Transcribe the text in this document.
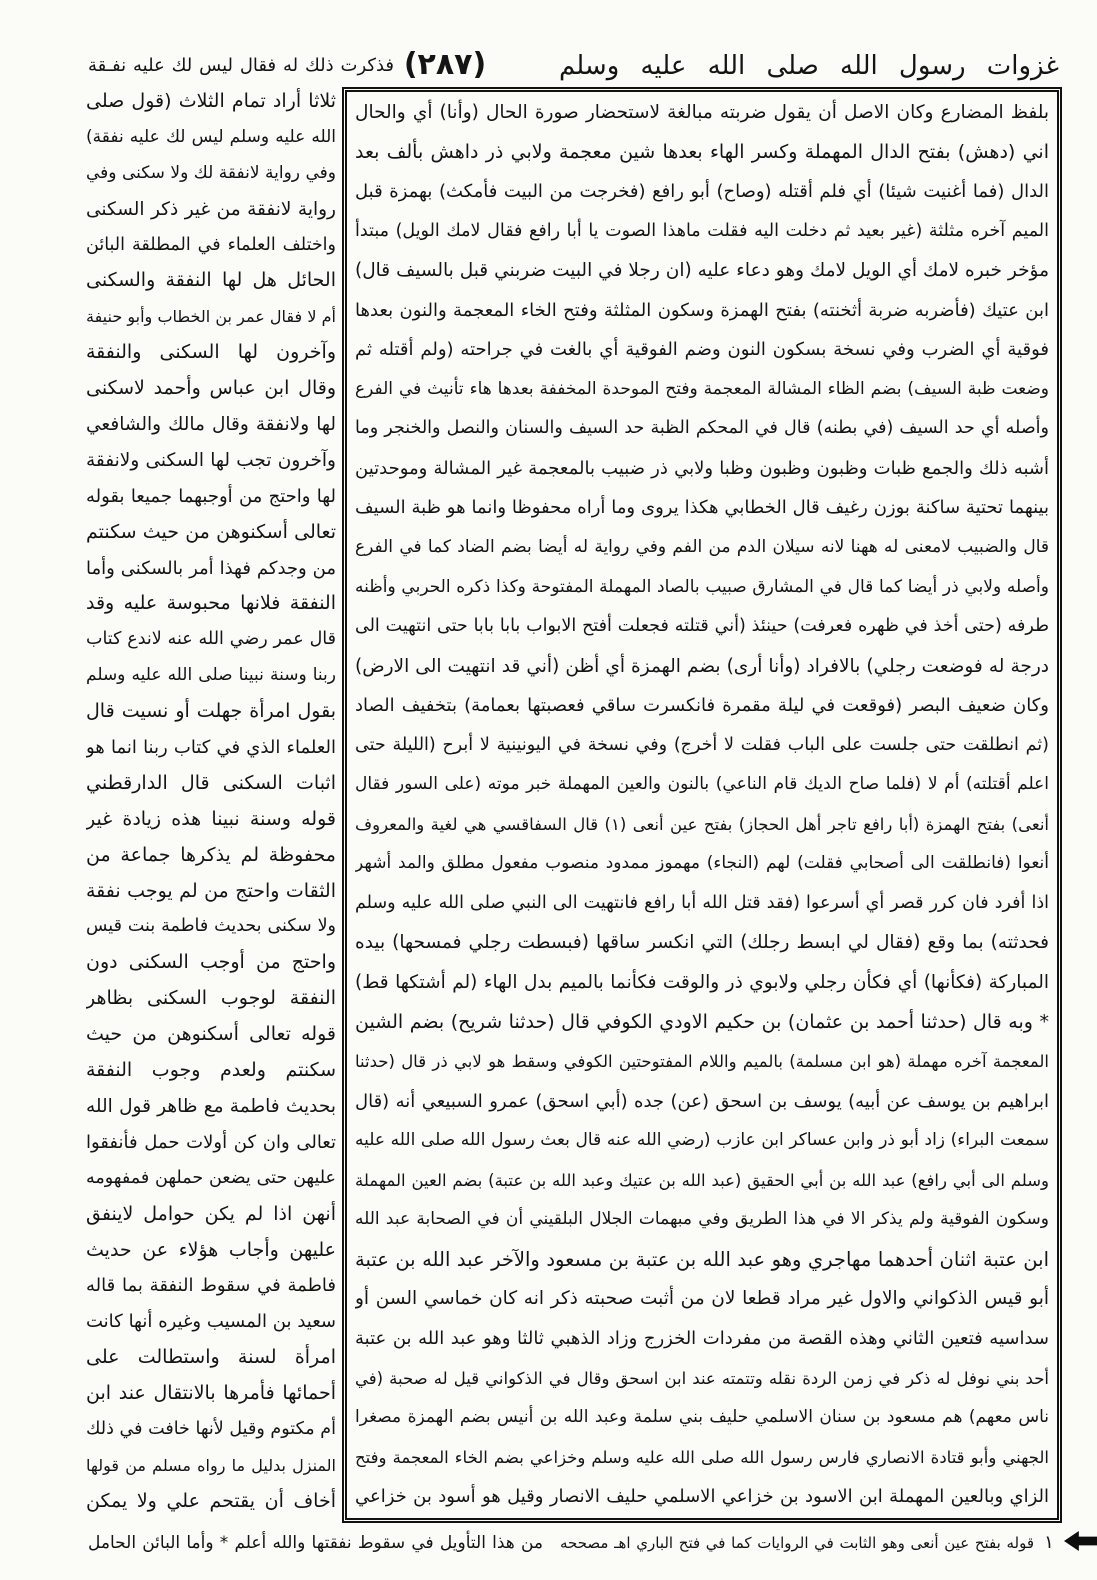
غزوات رسول الله صلى الله عليه وسلم
(٢٨٧)
فذكرت ذلك له فقال ليس لك عليه نفـقة
بلفظ المضارع وكان الاصل أن يقول ضربته مبالغة لاستحضار صورة الحال (وأنا) أي والحال
اني (دهش) بفتح الدال المهملة وكسر الهاء بعدها شين معجمة ولابي ذر داهش بألف بعد
الدال (فما أغنيت شيئا) أي فلم أقتله (وصاح) أبو رافع (فخرجت من البيت فأمكث) بهمزة قبل
الميم آخره مثلثة (غير بعيد ثم دخلت اليه فقلت ماهذا الصوت يا أبا رافع فقال لامك الويل) مبتدأ
مؤخر خبره لامك أي الويل لامك وهو دعاء عليه (ان رجلا في البيت ضربني قبل بالسيف قال)
ابن عتيك (فأضربه ضربة أثخنته) بفتح الهمزة وسكون المثلثة وفتح الخاء المعجمة والنون بعدها
فوقية أي الضرب وفي نسخة بسكون النون وضم الفوقية أي بالغت في جراحته (ولم أقتله ثم
وضعت ظبة السيف) بضم الظاء المشالة المعجمة وفتح الموحدة المخففة بعدها هاء تأنيث في الفرع
وأصله أي حد السيف (في بطنه) قال في المحكم الظبة حد السيف والسنان والنصل والخنجر وما
أشبه ذلك والجمع ظبات وظبون وظبون وظبا ولابي ذر ضبيب بالمعجمة غير المشالة وموحدتين
بينهما تحتية ساكنة بوزن رغيف قال الخطابي هكذا يروى وما أراه محفوظا وانما هو ظبة السيف
قال والضبيب لامعنى له ههنا لانه سيلان الدم من الفم وفي رواية له أيضا بضم الضاد كما في الفرع
وأصله ولابي ذر أيضا كما قال في المشارق صبيب بالصاد المهملة المفتوحة وكذا ذكره الحربي وأظنه
طرفه (حتى أخذ في ظهره فعرفت) حينئذ (أني قتلته فجعلت أفتح الابواب بابا بابا حتى انتهيت الى
درجة له فوضعت رجلي) بالافراد (وأنا أرى) بضم الهمزة أي أظن (أني قد انتهيت الى الارض)
وكان ضعيف البصر (فوقعت في ليلة مقمرة فانكسرت ساقي فعصبتها بعمامة) بتخفيف الصاد
(ثم انطلقت حتى جلست على الباب فقلت لا أخرج) وفي نسخة في اليونينية لا أبرح (الليلة حتى
اعلم أقتلته) أم لا (فلما صاح الديك قام الناعي) بالنون والعين المهملة خبر موته (على السور فقال
أنعى) بفتح الهمزة (أبا رافع تاجر أهل الحجاز) بفتح عين أنعى (١) قال السفاقسي هي لغية والمعروف
أنعوا (فانطلقت الى أصحابي فقلت) لهم (النجاء) مهموز ممدود منصوب مفعول مطلق والمد أشهر
اذا أفرد فان كرر قصر أي أسرعوا (فقد قتل الله أبا رافع فانتهيت الى النبي صلى الله عليه وسلم
فحدثته) بما وقع (فقال لي ابسط رجلك) التي انكسر ساقها (فبسطت رجلي فمسحها) بيده
المباركة (فكأنها) أي فكأن رجلي ولابوي ذر والوقت فكأنما بالميم بدل الهاء (لم أشتكها قط)
* وبه قال (حدثنا أحمد بن عثمان) بن حكيم الاودي الكوفي قال (حدثنا شريح) بضم الشين
المعجمة آخره مهملة (هو ابن مسلمة) بالميم واللام المفتوحتين الكوفي وسقط هو لابي ذر قال (حدثنا
ابراهيم بن يوسف عن أبيه) يوسف بن اسحق (عن) جده (أبي اسحق) عمرو السبيعي أنه (قال
سمعت البراء) زاد أبو ذر وابن عساكر ابن عازب (رضي الله عنه قال بعث رسول الله صلى الله عليه
وسلم الى أبي رافع) عبد الله بن أبي الحقيق (عبد الله بن عتيك وعبد الله بن عتبة) بضم العين المهملة
وسكون الفوقية ولم يذكر الا في هذا الطريق وفي مبهمات الجلال البلقيني أن في الصحابة عبد الله
ابن عتبة اثنان أحدهما مهاجري وهو عبد الله بن عتبة بن مسعود والآخر عبد الله بن عتبة
أبو قيس الذكواني والاول غير مراد قطعا لان من أثبت صحبته ذكر انه كان خماسي السن أو
سداسيه فتعين الثاني وهذه القصة من مفردات الخزرج وزاد الذهبي ثالثا وهو عبد الله بن عتبة
أحد بني نوفل له ذكر في زمن الردة نقله وتتمته عند ابن اسحق وقال في الذكواني قيل له صحبة (في
ناس معهم) هم مسعود بن سنان الاسلمي حليف بني سلمة وعبد الله بن أنيس بضم الهمزة مصغرا
الجهني وأبو قتادة الانصاري فارس رسول الله صلى الله عليه وسلم وخزاعي بضم الخاء المعجمة وفتح
الزاي وبالعين المهملة ابن الاسود بن خزاعي الاسلمي حليف الانصار وقيل هو أسود بن خزاعي
ثلاثا أراد تمام الثلاث (قول صلى
الله عليه وسلم ليس لك عليه نفقة)
وفي رواية لانفقة لك ولا سكنى وفي
رواية لانفقة من غير ذكر السكنى
واختلف العلماء في المطلقة البائن
الحائل هل لها النفقة والسكنى
أم لا فقال عمر بن الخطاب وأبو حنيفة
وآخرون لها السكنى والنفقة
وقال ابن عباس وأحمد لاسكنى
لها ولانفقة وقال مالك والشافعي
وآخرون تجب لها السكنى ولانفقة
لها واحتج من أوجبهما جميعا بقوله
تعالى أسكنوهن من حيث سكنتم
من وجدكم فهذا أمر بالسكنى وأما
النفقة فلانها محبوسة عليه وقد
قال عمر رضي الله عنه لاندع كتاب
ربنا وسنة نبينا صلى الله عليه وسلم
بقول امرأة جهلت أو نسيت قال
العلماء الذي في كتاب ربنا انما هو
اثبات السكنى قال الدارقطني
قوله وسنة نبينا هذه زيادة غير
محفوظة لم يذكرها جماعة من
الثقات واحتج من لم يوجب نفقة
ولا سكنى بحديث فاطمة بنت قيس
واحتج من أوجب السكنى دون
النفقة لوجوب السكنى بظاهر
قوله تعالى أسكنوهن من حيث
سكنتم ولعدم وجوب النفقة
بحديث فاطمة مع ظاهر قول الله
تعالى وان كن أولات حمل فأنفقوا
عليهن حتى يضعن حملهن فمفهومه
أنهن اذا لم يكن حوامل لاينفق
عليهن وأجاب هؤلاء عن حديث
فاطمة في سقوط النفقة بما قاله
سعيد بن المسيب وغيره أنها كانت
امرأة لسنة واستطالت على
أحمائها فأمرها بالانتقال عند ابن
أم مكتوم وقيل لأنها خافت في ذلك
المنزل بدليل ما رواه مسلم من قولها
أخاف أن يقتحم علي ولا يمكن
١
قوله بفتح عين أنعى وهو الثابت في الروايات كما في فتح الباري اهـ مصححه
من هذا التأويل في سقوط نفقتها والله أعلم * وأما البائن الحامل
